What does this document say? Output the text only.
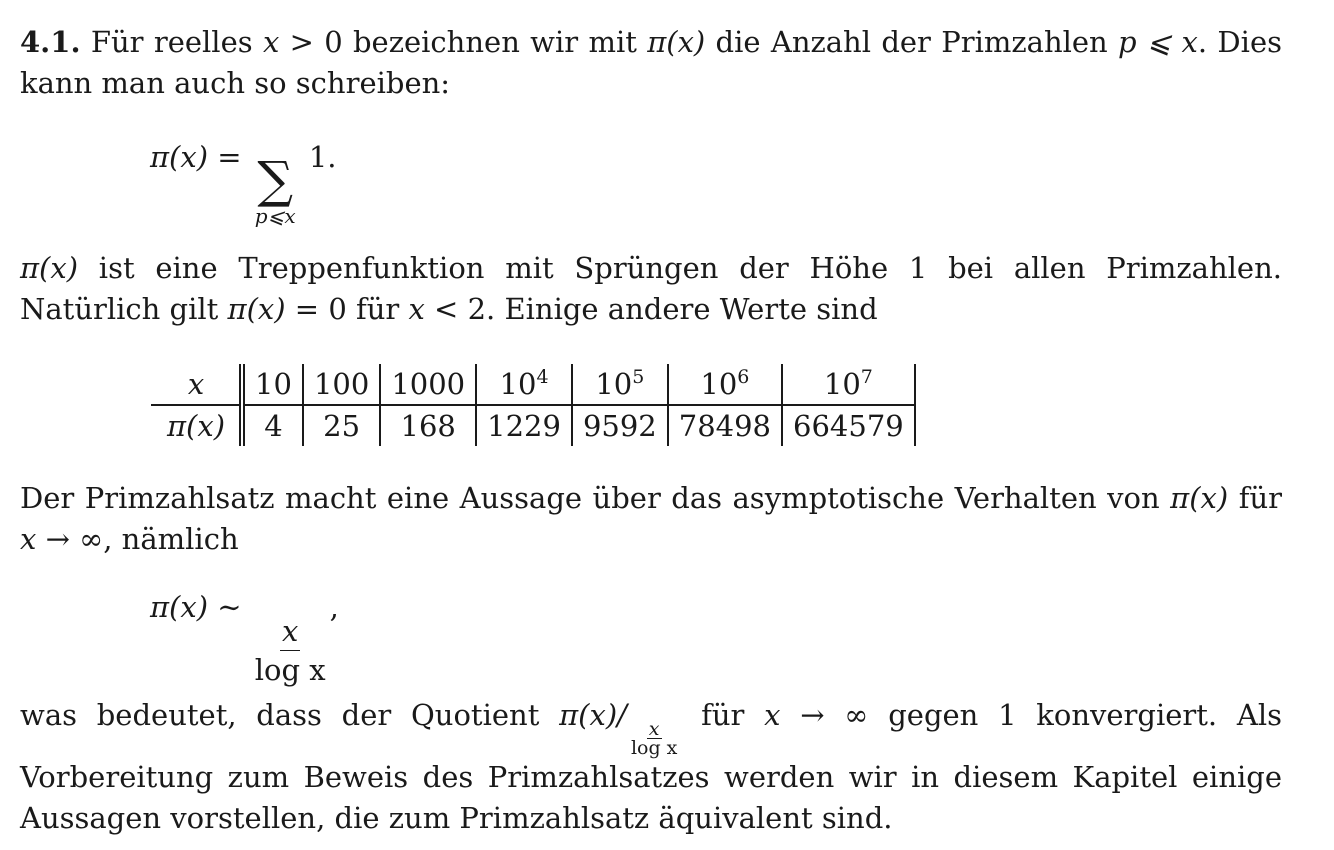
4.1. Für reelles x > 0 bezeichnen wir mit π(x) die Anzahl der Primzahlen p ⩽ x. Dies kann man auch so schreiben:

π(x) = ∑
p⩽x
1.

π(x) ist eine Treppenfunktion mit Sprüngen der Höhe 1 bei allen Primzahlen. Natürlich gilt π(x) = 0 für x < 2. Einige andere Werte sind

x	10	100	1000	$10^4$	$10^5$	$10^6$	$10^7$
π(x)	4	25	168	1229	9592	78498	664579

Der Primzahlsatz macht eine Aussage über das asymptotische Verhalten von π(x) für x → ∞, nämlich

π(x) ∼
$\frac{x}{\text{log x}}$
,

was bedeutet, dass der Quotient π(x)/
$\frac{x}{\text{log x}}$
für x → ∞ gegen 1 konvergiert. Als Vorbereitung zum Beweis des Primzahlsatzes werden wir in diesem Kapitel einige Aussagen vorstellen, die zum Primzahlsatz äquivalent sind.
